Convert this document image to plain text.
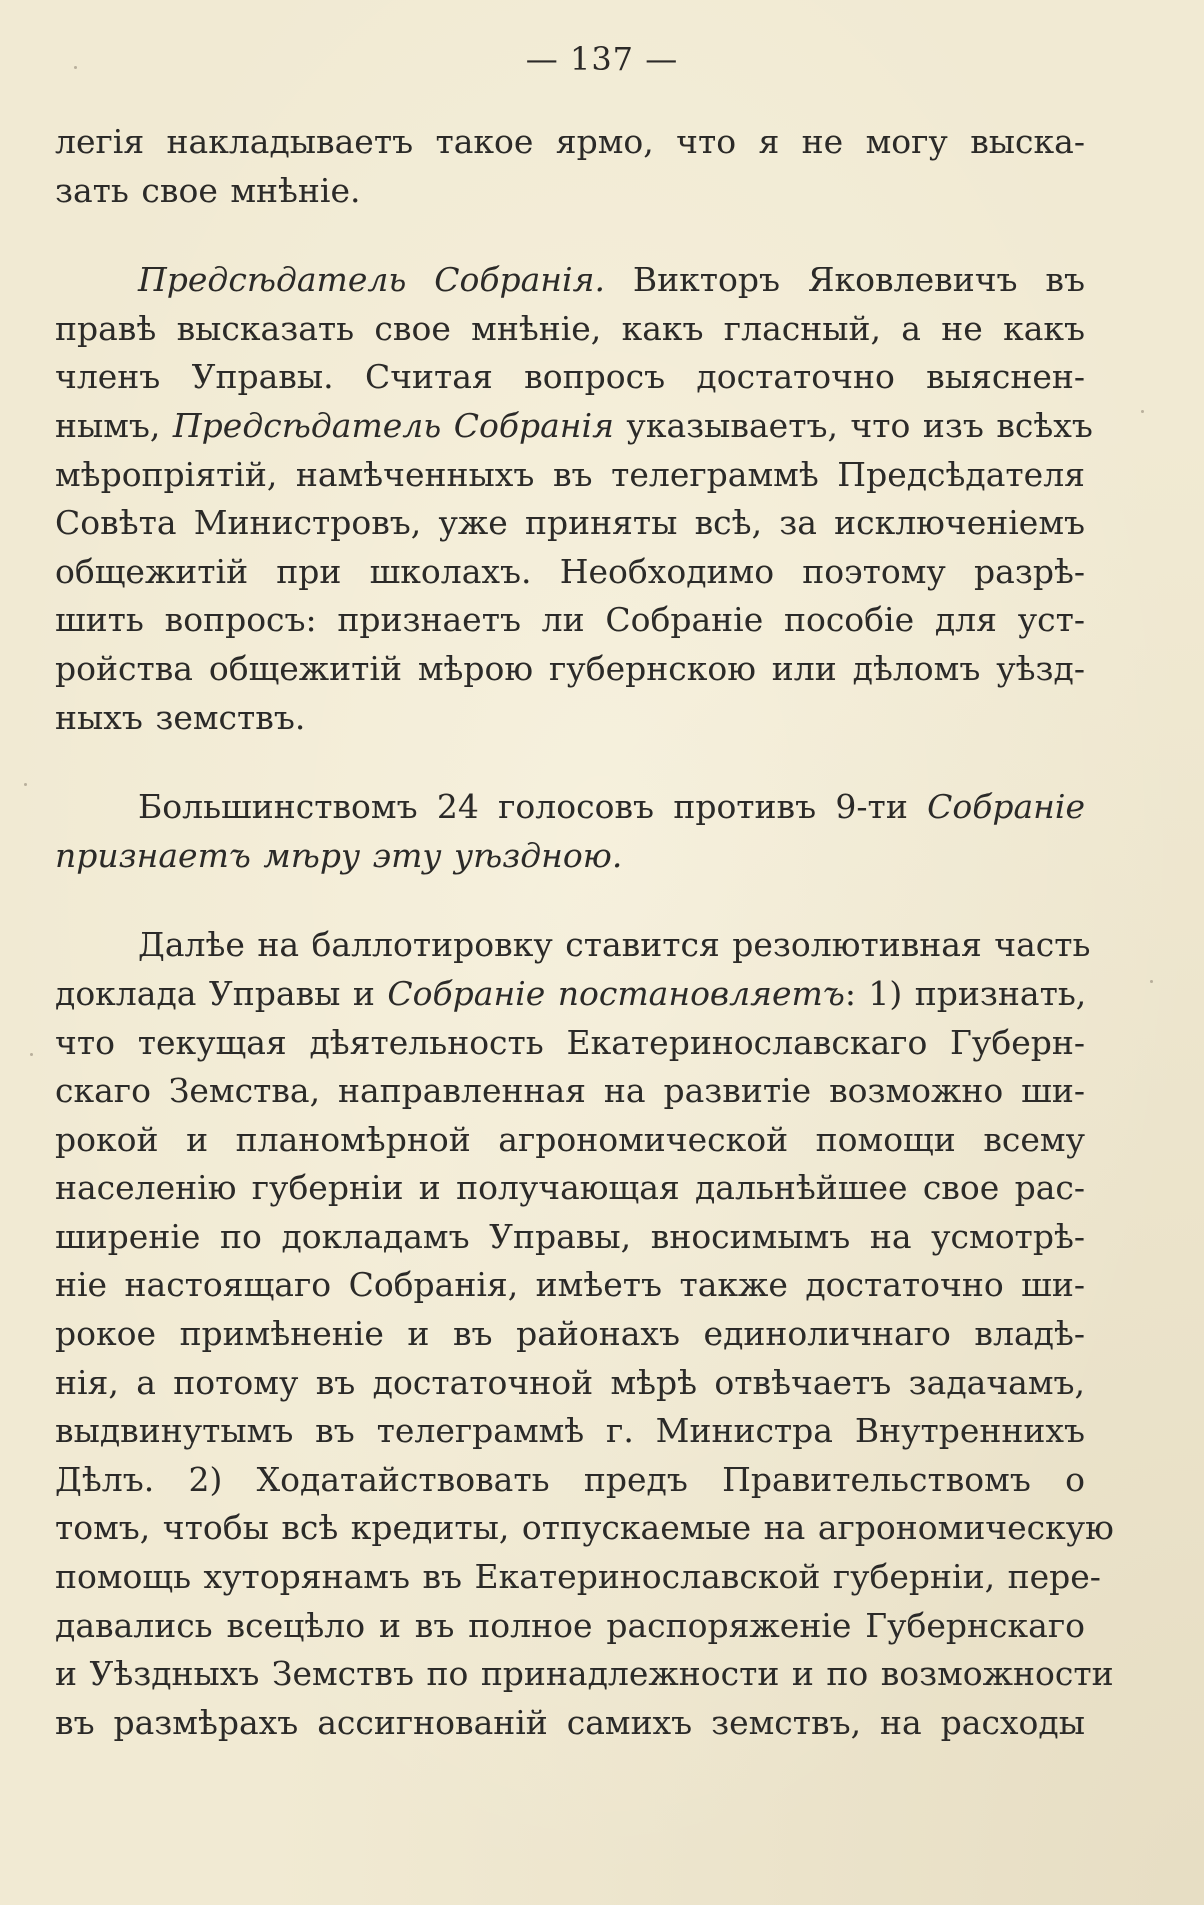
— 137 —
легія накладываетъ такое ярмо, что я не могу выска-
зать свое мнѣніе.
Предсѣдатель Собранія. Викторъ Яковлевичъ въ
правѣ высказать свое мнѣніе, какъ гласный, а не какъ
членъ Управы. Считая вопросъ достаточно выяснен-
нымъ, Предсѣдатель Собранія указываетъ, что изъ всѣхъ
мѣропріятій, намѣченныхъ въ телеграммѣ Предсѣдателя
Совѣта Министровъ, уже приняты всѣ, за исключеніемъ
общежитій при школахъ. Необходимо поэтому разрѣ-
шить вопросъ: признаетъ ли Собраніе пособіе для уст-
ройства общежитій мѣрою губернскою или дѣломъ уѣзд-
ныхъ земствъ.
Большинствомъ 24 голосовъ противъ 9-ти Собраніе
признаетъ мѣру эту уѣздною.
Далѣе на баллотировку ставится резолютивная часть
доклада Управы и Собраніе постановляетъ: 1) признать,
что текущая дѣятельность Екатеринославскаго Губерн-
скаго Земства, направленная на развитіе возможно ши-
рокой и планомѣрной агрономической помощи всему
населенію губерніи и получающая дальнѣйшее свое рас-
ширеніе по докладамъ Управы, вносимымъ на усмотрѣ-
ніе настоящаго Собранія, имѣетъ также достаточно ши-
рокое примѣненіе и въ районахъ единоличнаго владѣ-
нія, а потому въ достаточной мѣрѣ отвѣчаетъ задачамъ,
выдвинутымъ въ телеграммѣ г. Министра Внутреннихъ
Дѣлъ. 2) Ходатайствовать предъ Правительствомъ о
томъ, чтобы всѣ кредиты, отпускаемые на агрономическую
помощь хуторянамъ въ Екатеринославской губерніи, пере-
давались всецѣло и въ полное распоряженіе Губернскаго
и Уѣздныхъ Земствъ по принадлежности и по возможности
въ размѣрахъ ассигнованій самихъ земствъ, на расходы
